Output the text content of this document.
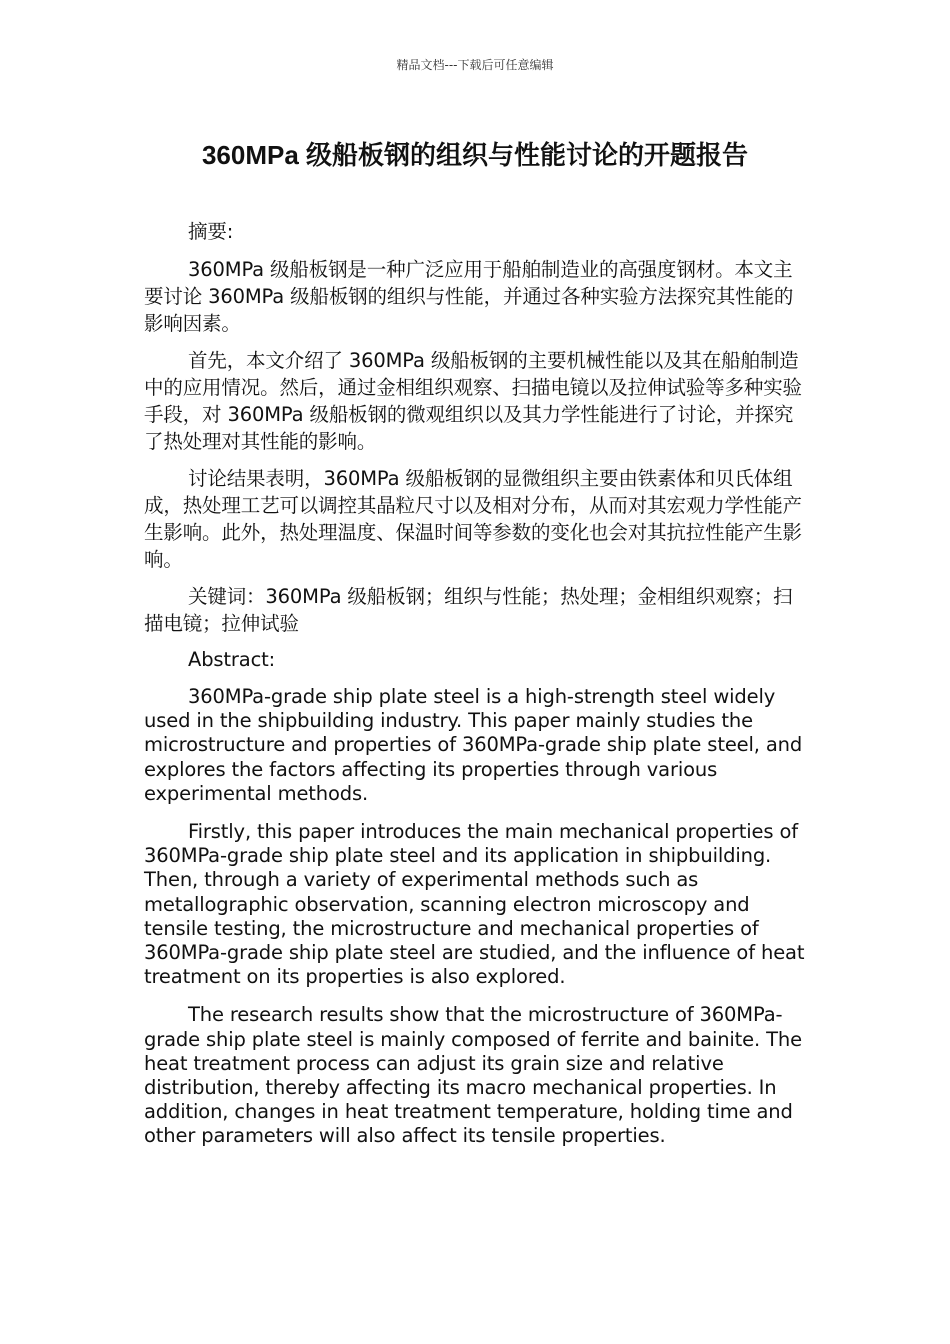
精品文档---下载后可任意编辑
360MPa 级船板钢的组织与性能讨论的开题报告

摘要:

360MPa 级船板钢是一种广泛应用于船舶制造业的高强度钢材。本文主要讨论 360MPa 级船板钢的组织与性能，并通过各种实验方法探究其性能的影响因素。

首先，本文介绍了 360MPa 级船板钢的主要机械性能以及其在船舶制造中的应用情况。然后，通过金相组织观察、扫描电镜以及拉伸试验等多种实验手段，对 360MPa 级船板钢的微观组织以及其力学性能进行了讨论，并探究了热处理对其性能的影响。

讨论结果表明，360MPa 级船板钢的显微组织主要由铁素体和贝氏体组成，热处理工艺可以调控其晶粒尺寸以及相对分布，从而对其宏观力学性能产生影响。此外，热处理温度、保温时间等参数的变化也会对其抗拉性能产生影响。

关键词：360MPa 级船板钢；组织与性能；热处理；金相组织观察；扫描电镜；拉伸试验

Abstract:

360MPa-grade ship plate steel is a high-strength steel widely used in the shipbuilding industry. This paper mainly studies the microstructure and properties of 360MPa-grade ship plate steel, and explores the factors affecting its properties through various experimental methods.

Firstly, this paper introduces the main mechanical properties of 360MPa-grade ship plate steel and its application in shipbuilding. Then, through a variety of experimental methods such as metallographic observation, scanning electron microscopy and tensile testing, the microstructure and mechanical properties of 360MPa-grade ship plate steel are studied, and the influence of heat treatment on its properties is also explored.

The research results show that the microstructure of 360MPa-grade ship plate steel is mainly composed of ferrite and bainite. The heat treatment process can adjust its grain size and relative distribution, thereby affecting its macro mechanical properties. In addition, changes in heat treatment temperature, holding time and other parameters will also affect its tensile properties.
